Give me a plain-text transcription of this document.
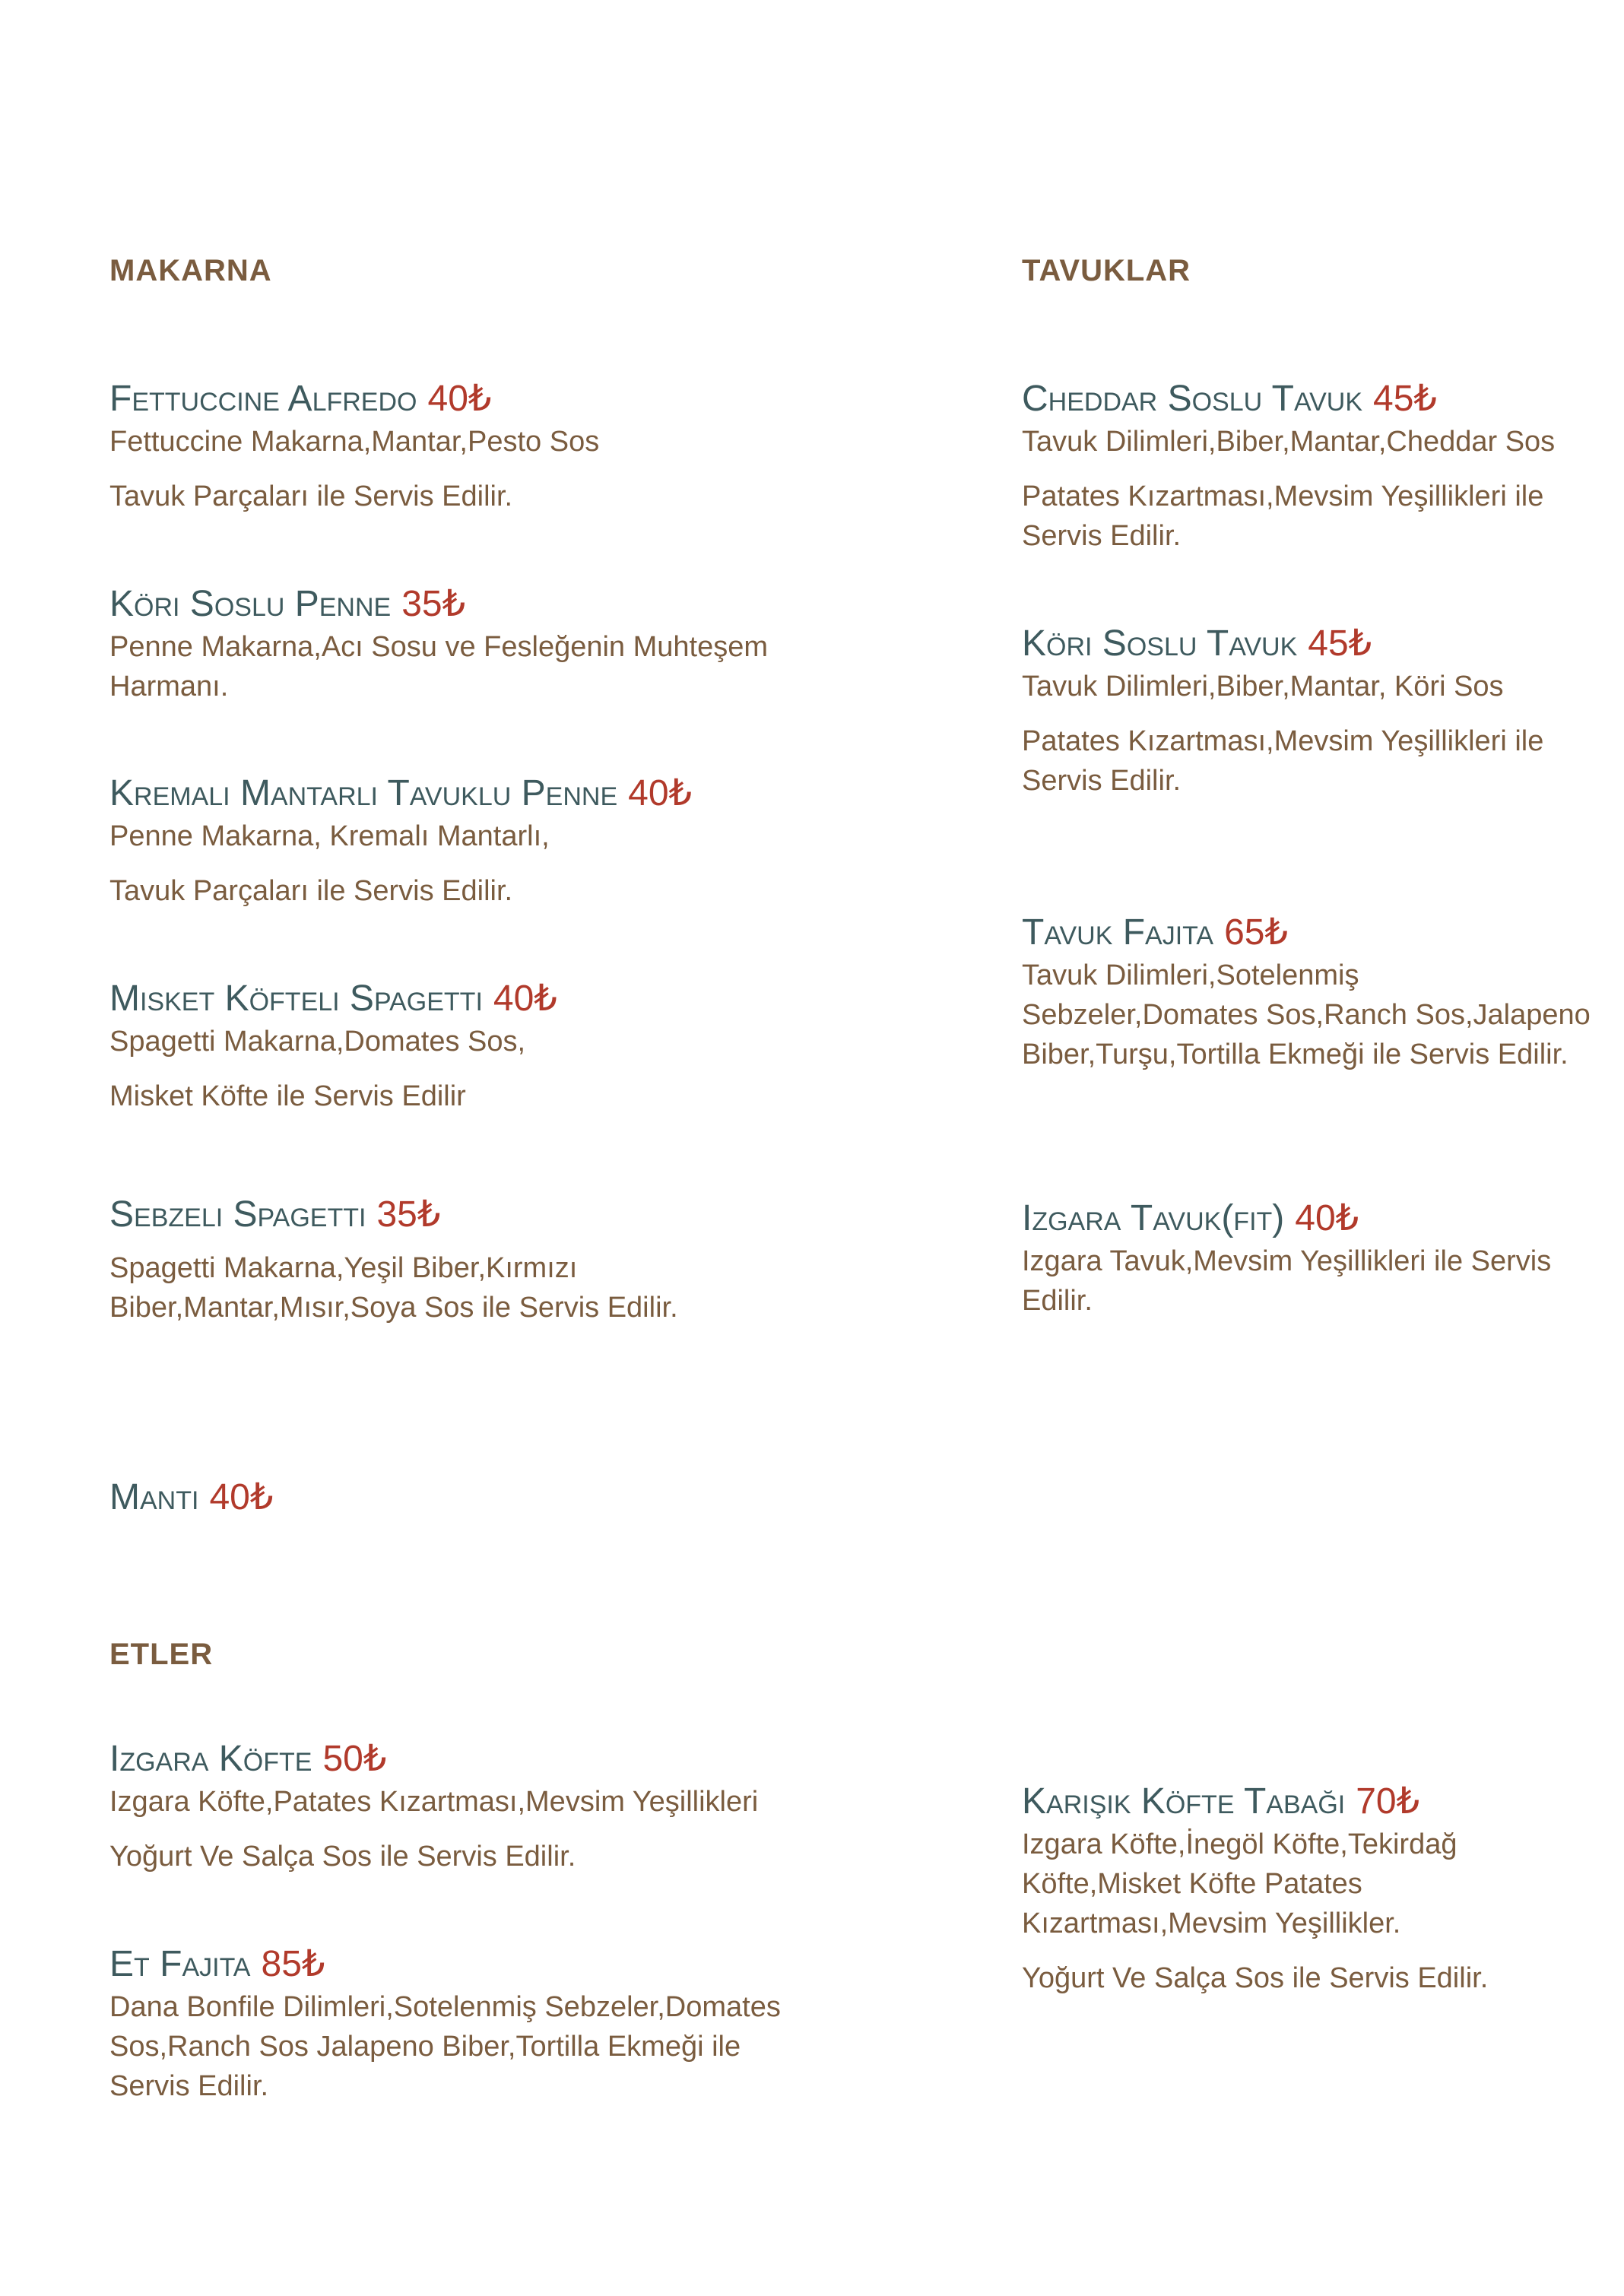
MAKARNA	TAVUKLAR
ETLER

Fettuccine Alfredo 40₺

Fettuccine Makarna,Mantar,Pesto Sos

Tavuk Parçaları ile Servis Edilir.

Köri Soslu Penne 35₺

Penne Makarna,Acı Sosu ve Fesleğenin Muhteşem Harmanı.

Kremalı Mantarlı Tavuklu Penne 40₺

Penne Makarna, Kremalı Mantarlı,

Tavuk Parçaları ile Servis Edilir.

Misket Köfteli Spagetti 40₺

Spagetti Makarna,Domates Sos,

Misket Köfte ile Servis Edilir

Sebzeli Spagetti 35₺

Spagetti Makarna,Yeşil Biber,Kırmızı Biber,Mantar,Mısır,Soya Sos ile Servis Edilir.

Mantı 40₺

Cheddar Soslu Tavuk 45₺

Tavuk Dilimleri,Biber,Mantar,Cheddar Sos

Patates Kızartması,Mevsim Yeşillikleri ile Servis Edilir.

Köri Soslu Tavuk 45₺

Tavuk Dilimleri,Biber,Mantar, Köri Sos

Patates Kızartması,Mevsim Yeşillikleri ile Servis Edilir.

Tavuk Fajita 65₺

Tavuk Dilimleri,Sotelenmiş Sebzeler,Domates Sos,Ranch Sos,Jalapeno Biber,Turşu,Tortilla Ekmeği ile Servis Edilir.

Izgara Tavuk(fit) 40₺

Izgara Tavuk,Mevsim Yeşillikleri ile Servis Edilir.

Izgara Köfte 50₺

Izgara Köfte,Patates Kızartması,Mevsim Yeşillikleri

Yoğurt Ve Salça Sos ile Servis Edilir.

Et Fajita 85₺

Dana Bonfile Dilimleri,Sotelenmiş Sebzeler,Domates Sos,Ranch Sos Jalapeno Biber,Tortilla Ekmeği ile Servis Edilir.

Karışık Köfte Tabağı 70₺

Izgara Köfte,İnegöl Köfte,Tekirdağ Köfte,Misket Köfte Patates Kızartması,Mevsim Yeşillikler.

Yoğurt Ve Salça Sos ile Servis Edilir.
